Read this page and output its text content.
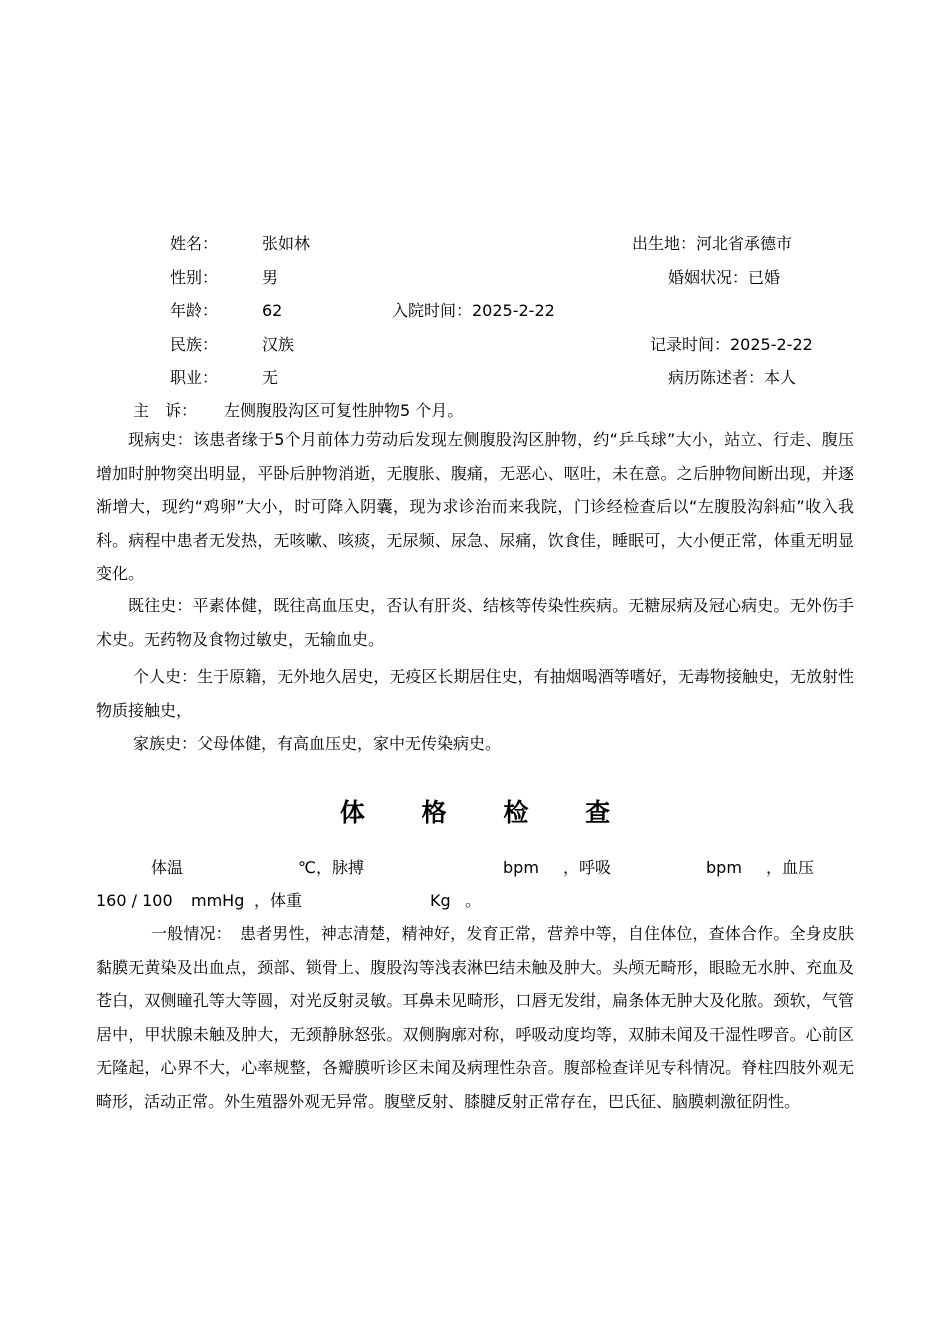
姓名：	张如林	出生地：河北省承德市
性别：	男	婚姻状况：已婚
年龄：	62	入院时间：2025-2-22
民族：	汉族	记录时间：2025-2-22
职业：	无	病历陈述者：本人
主　诉： 左侧腹股沟区可复性肿物5 个月。
现病史：该患者缘于5个月前体力劳动后发现左侧腹股沟区肿物，约“乒乓球”大小，站立、行走、腹压增加时肿物突出明显，平卧后肿物消逝，无腹胀、腹痛，无恶心、呕吐，未在意。之后肿物间断出现，并逐渐增大，现约“鸡卵”大小，时可降入阴囊，现为求诊治而来我院，门诊经检查后以“左腹股沟斜疝”收入我科。病程中患者无发热，无咳嗽、咳痰，无尿频、尿急、尿痛，饮食佳，睡眠可，大小便正常，体重无明显变化。
既往史：平素体健，既往高血压史，否认有肝炎、结核等传染性疾病。无糖尿病及冠心病史。无外伤手术史。无药物及食物过敏史，无输血史。
个人史：生于原籍，无外地久居史，无疫区长期居住史，有抽烟喝酒等嗜好，无毒物接触史，无放射性物质接触史，
家族史：父母体健，有高血压史，家中无传染病史。
体 格 检 查
体温	℃，脉搏	bpm ，呼吸	bpm ，血压
160 / 100 mmHg ，体重	Kg 。
一般情况：　患者男性，神志清楚，精神好，发育正常，营养中等，自住体位，查体合作。全身皮肤黏膜无黄染及出血点，颈部、锁骨上、腹股沟等浅表淋巴结未触及肿大。头颅无畸形，眼睑无水肿、充血及苍白，双侧瞳孔等大等圆，对光反射灵敏。耳鼻未见畸形，口唇无发绀，扁条体无肿大及化脓。颈软，气管居中，甲状腺未触及肿大，无颈静脉怒张。双侧胸廓对称，呼吸动度均等，双肺未闻及干湿性啰音。心前区无隆起，心界不大，心率规整，各瓣膜听诊区未闻及病理性杂音。腹部检查详见专科情况。脊柱四肢外观无畸形，活动正常。外生殖器外观无异常。腹壁反射、膝腱反射正常存在，巴氏征、脑膜刺激征阴性。
